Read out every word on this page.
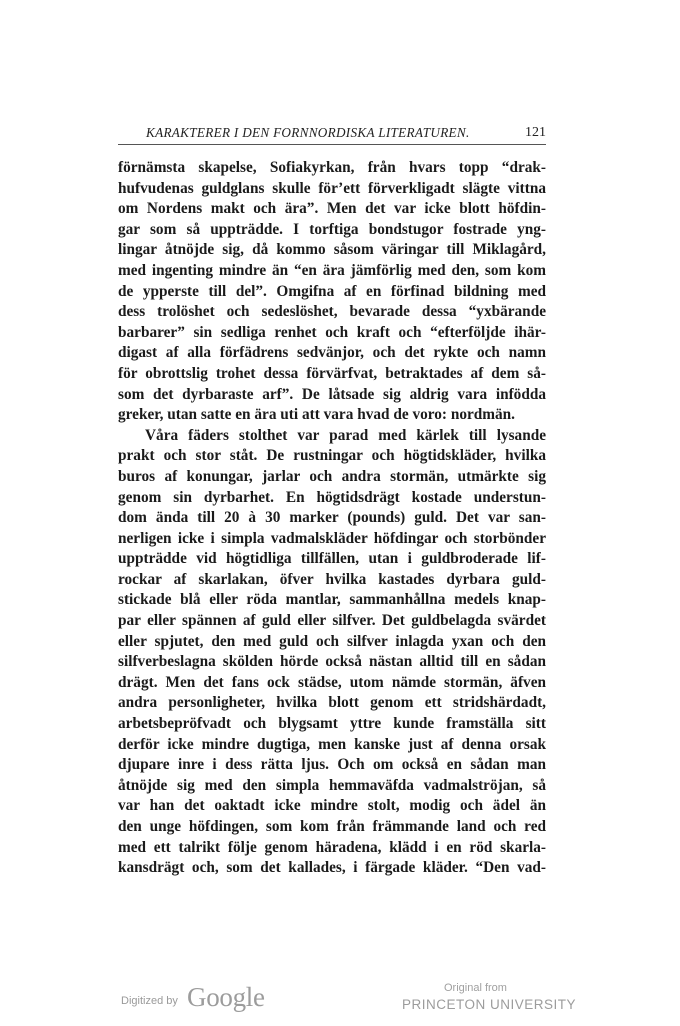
KARAKTERER I DEN FORNNORDISKA LITERATUREN.	121
förnämsta skapelse, Sofiakyrkan, från hvars topp “drak-
hufvudenas guldglans skulle för’ett förverkligadt slägte vittna
om Nordens makt och ära”. Men det var icke blott höfdin-
gar som så uppträdde. I torftiga bondstugor fostrade yng-
lingar åtnöjde sig, då kommo såsom väringar till Miklagård,
med ingenting mindre än “en ära jämförlig med den, som kom
de ypperste till del”. Omgifna af en förfinad bildning med
dess trolöshet och sedeslöshet, bevarade dessa “yxbärande
barbarer” sin sedliga renhet och kraft och “efterföljde ihär-
digast af alla förfädrens sedvänjor, och det rykte och namn
för obrottslig trohet dessa förvärfvat, betraktades af dem så-
som det dyrbaraste arf”. De låtsade sig aldrig vara infödda
greker, utan satte en ära uti att vara hvad de voro: nordmän.
Våra fäders stolthet var parad med kärlek till lysande
prakt och stor ståt. De rustningar och högtidskläder, hvilka
buros af konungar, jarlar och andra stormän, utmärkte sig
genom sin dyrbarhet. En högtidsdrägt kostade understun-
dom ända till 20 à 30 marker (pounds) guld. Det var san-
nerligen icke i simpla vadmalskläder höfdingar och storbönder
uppträdde vid högtidliga tillfällen, utan i guldbroderade lif-
rockar af skarlakan, öfver hvilka kastades dyrbara guld-
stickade blå eller röda mantlar, sammanhållna medels knap-
par eller spännen af guld eller silfver. Det guldbelagda svärdet
eller spjutet, den med guld och silfver inlagda yxan och den
silfverbeslagna skölden hörde också nästan alltid till en sådan
drägt. Men det fans ock städse, utom nämde stormän, äfven
andra personligheter, hvilka blott genom ett stridshärdadt,
arbetsbepröfvadt och blygsamt yttre kunde framställa sitt
derför icke mindre dugtiga, men kanske just af denna orsak
djupare inre i dess rätta ljus. Och om också en sådan man
åtnöjde sig med den simpla hemmaväfda vadmalströjan, så
var han det oaktadt icke mindre stolt, modig och ädel än
den unge höfdingen, som kom från främmande land och red
med ett talrikt följe genom häradena, klädd i en röd skarla-
kansdrägt och, som det kallades, i färgade kläder. “Den vad-
Digitized by Google	Original from
PRINCETON UNIVERSITY
